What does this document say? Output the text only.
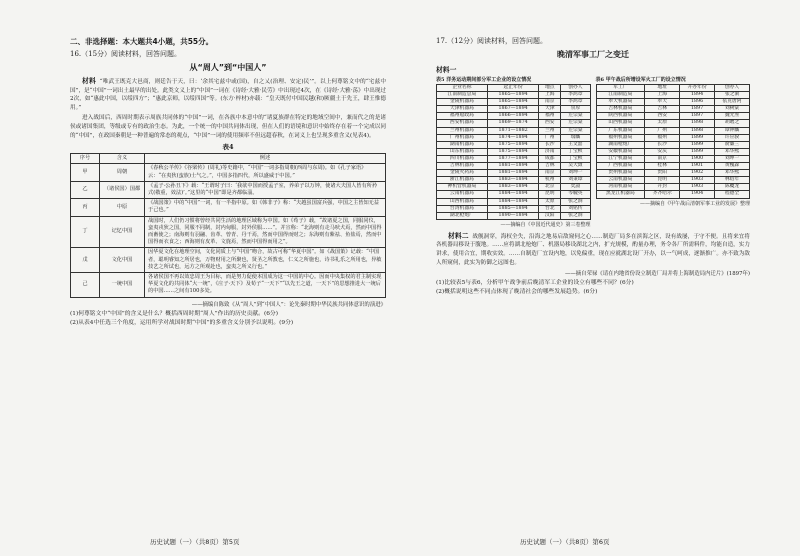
二、非选择题：本大题共4小题，共55分。
16.（15分）阅读材料，回答问题。
从“周人”到“中国人”

材料 “唯武王既克大邑商，则廷告于天，曰：‘余其宅兹中或(国)，自之乂(治理、安定)民’”。以上何尊铭文中的“宅兹中国”，是“中国”一词出土最早的出处。此类文义上的“中国”一词在《诗经·大雅·民劳》中出现过4次，在《诗经·大雅·荡》中出现过2次，如“惠此中国，以绥四方”；“惠此京师，以绥四国”等。(东方·梓材)亦载：“皇天既付中国民越(和)厥疆土于先王，肆王惟德用。”

进入战国后，西周时期表示周族共同体的“中国”一词，在各族中本意中的“诸夏族群在特定的地域空间中，兼而代之的是诸侯或诸国集团，等级或专有的政治生态。为此，一个统一的中国共同体出现，但在人们的语境和意识中始终存在着一个完成以同的“中国”，在政国秦朝是一种普遍的常态的观点，“中国”一词的使用频率不但远超春秋，在词义上也呈现多重含义(见表4)。

表4
序号	含义	例述
甲	周朝	《春秋公羊传》《谷梁传》(周礼)等史籍中，“中国”一词多指周朝(西周与东周)。如《孔子家语》云：“在夷狄(蛮族)士气之。”，中国多指四代，所以盛威于中国。”
乙	（诸侯国）国都	《孟子·公孙丑下》载：“王谓时子曰：‘我欲中国而授孟子室，养弟子以万钟，使诸大夫国人皆有所矜式(敬重，效法)’。”这里的“中国”即是齐都临淄。
丙	中原	《战国策》中的“中国”一词，有一半指中原。如《韩非子》称：“夫越虽国富兵强，中国之主皆知无益于己也。”
丁	记忆中国	战国时，人们仍习惯将曾经共同生活的地理区域称为中国。如《荀子》载，“故诸夏之国，同服同仪，蛮夷戎狄之国，同服不同制，封内甸服，封外侯服……”。并宣称：“北海则有走马吠犬焉，然而中国得而畜使之；南海则有羽翮、齿革、曾青、丹干焉，然而中国得而财之；东海则有紫祛、鱼盐焉，然而中国得而衣食之；西海则有皮革、文旄焉，然而中国得而用之”。
戊	文化中国	因华夏文化在地理空间，文化同质上与“中国”吻合，故古可称“华夏中国”。如《战国策》记载：“中国者，聪明睿知之所居也，万物财用之所聚也，贤圣之所教也，仁义之所施也，诗书礼乐之所用也，异敏技艺之所试也，远方之所观赴也，蛮夷之所义行也。”
己	一统中国	各诸侯国不再以效忠周王为目标，而是努力促使本国成为这一中国的中心。因而中央集权的君主制实现华夏文化的共同体“大一统”，《庄子·天下》及荀子“一天下”“以先王之道，一天下”的思想推进大一统后的中国……之间有100多处。
——摘编自陈致《从“周人”到“中国人”：论先秦时期中华民族共同体意识的演进》

(1)何尊铭文中“中国”的含义是什么？概括西周时期“周人”作出的历史贡献。(6分)

(2)从表4中任选三个角度，运用所学对战国时期“中国”的多重含义分别予以说明。(9分)

历史试题（一）（共8页）第5页
17.（12分）阅读材料，回答问题。
晚清军事工厂之变迁
材料一
表5 洋务运动期间部分军工企业的设立情况
企业名称	起止年份	地点	创办人
江南制造总局	1865—1894	上海	李鸿章
金陵机器局	1865—1894	南京	李鸿章
天津机器局	1867—1894	天津	崇厚
福州船政局	1866—1894	福州	左宗棠
西安机器局	1869—1874	西安	左宗棠
兰州机器局	1871—1882	兰州	左宗棠
广州机器局	1874—1894	广州	瑞麟
湖南机器局	1875—1894	长沙	王文韶
山东机器局	1875—1894	济南	丁宝桢
四川机器局	1877—1894	成都	丁宝桢
吉林机器局	1881—1894	吉林	吴大澂
金陵火药局	1881—1894	南京	刘坤一
浙江机器局	1883—1894	杭州	刘秉璋
神机营机器局	1883—1894	北京	奕譞
云南机器局	1884—1894	昆明	岑毓英
山西机器局	1884—1894	太原	张之洞
台湾机器局	1885—1894	台北	刘铭传
湖北枪炮厂	1890—1894	汉阳	张之洞
——摘编自《中国近代通史》第三卷整理
表6 甲午战后所增设军火工厂的设立情况
军工厂	地址	开办年份	创办人
江南制造局	上海	1894	张之洞
奉天机器局	奉天	1896	依克唐阿
吉林机器局	吉林	1897	刘树棠
陕西机器局	西安	1897	魏光焘
山西机器局	太原	1898	胡聘之
广东机器局	广州	1898	谭钟麟
福州机器局	福州	1899	许应骙
湖南枪炮厂	长沙	1899	俞廉三
安徽机器局	安庆	1899	邓华熙
江宁机器局	南京	1900	刘坤一
广西机器局	桂林	1901	黄槐森
贵州机器局	贵阳	1902	邓华熙
云南机器局	昆明	1903	林绍年
河南机器局	开封	1903	陈夔龙
黑龙江机器局	齐齐哈尔	1904	程德全
——摘编自《甲午战后清朝军事工业的发展》整理

材料二 战舰洞穿，海权全失，沿海之地易启敌窥伺之心……制造厂局多在滨海之区，设有战屡，于守不便。且将来宜将各机器局移设于腹地。……应将湖北枪炮厂、机器局移设湖北之内，扩充规模，酌量办理，务令各厂所需料件，均能自造，实力讲求，使用合宜，期收实效。……自制造厂宜设内地，以免偏重，现在应就湖北设厂开办，以一气呵成，逐渐推广。亦不致为敌人所窥伺，此实为防御之远图也。

——摘自荣禄《请在内地省份设立制造厂局并将上海制造局内迁片》(1897年)

(1)比较表5与表6，分析甲午战争前后晚清军工企业的设立有哪些不同？(6分)

(2)概括说明这些不同点体现了晚清社会的哪些发展趋势。(6分)

历史试题（一）（共8页）第6页
